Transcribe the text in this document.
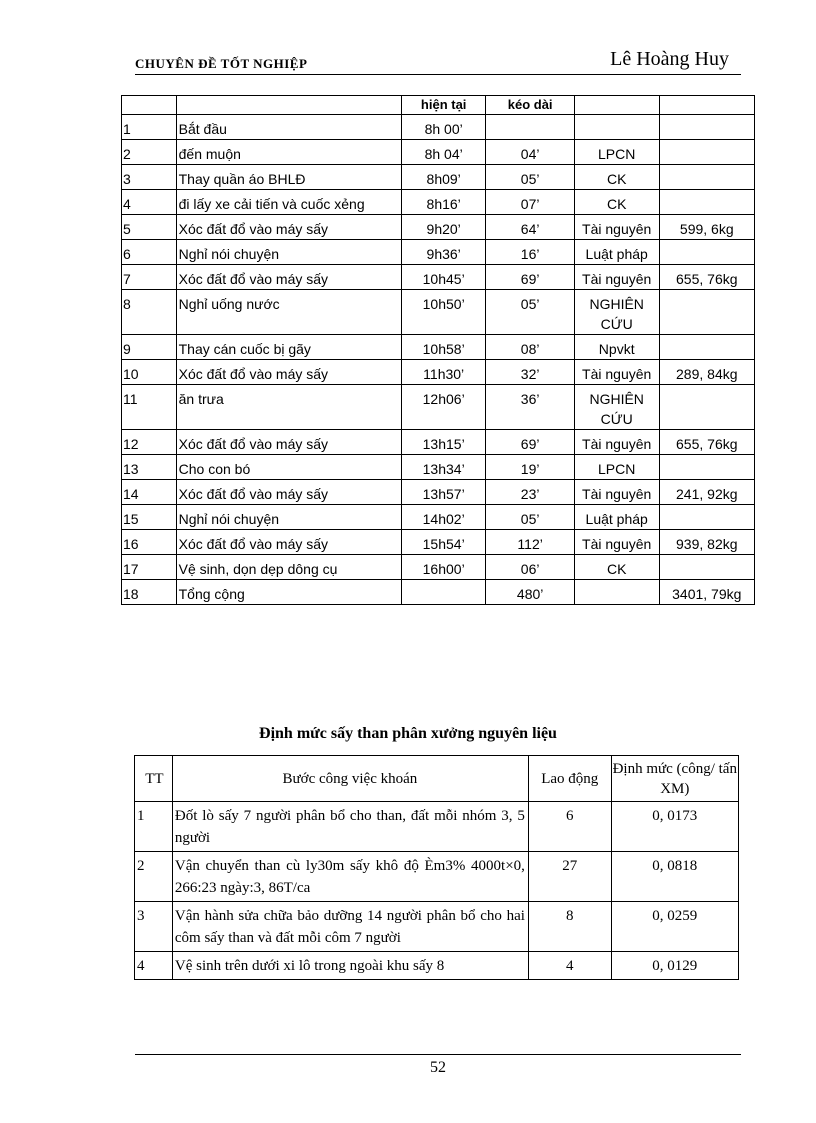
CHUYÊN ĐỀ TỐT NGHIỆP	Lê Hoàng Huy
		hiện tại	kéo dài		
1	Bắt đầu	8h 00’			
2	đến muộn	8h 04’	04’	LPCN	
3	Thay quần áo BHLĐ	8h09’	05’	CK	
4	đi lấy xe cải tiến và cuốc xẻng	8h16’	07’	CK	
5	Xóc đất đổ vào máy sấy	9h20’	64’	Tài nguyên	599, 6kg
6	Nghỉ nói chuyện	9h36’	16’	Luật pháp	
7	Xóc đất đổ vào máy sấy	10h45’	69’	Tài nguyên	655, 76kg
8	Nghỉ uống nước	10h50’	05’	NGHIÊN CỨU	
9	Thay cán cuốc bị gãy	10h58’	08’	Npvkt	
10	Xóc đất đổ vào máy sấy	11h30’	32’	Tài nguyên	289, 84kg
11	ăn trưa	12h06’	36’	NGHIÊN CỨU	
12	Xóc đất đổ vào máy sấy	13h15’	69’	Tài nguyên	655, 76kg
13	Cho con bó	13h34’	19’	LPCN	
14	Xóc đất đổ vào máy sấy	13h57’	23’	Tài nguyên	241, 92kg
15	Nghỉ nói chuyện	14h02’	05’	Luật pháp	
16	Xóc đất đổ vào máy sấy	15h54’	112’	Tài nguyên	939, 82kg
17	Vệ sinh, dọn dẹp dông cụ	16h00’	06’	CK	
18	Tổng cộng		480’		3401, 79kg
Định mức sấy than phân xưởng nguyên liệu
TT	Bước công việc khoán	Lao động	Định mức (công/ tấn XM)
1	Đốt lò sấy 7 người phân bổ cho than, đất mỗi nhóm 3, 5 người	6	0, 0173
2	Vận chuyển than cù ly30m sấy khô độ Èm3% 4000t×0, 266:23 ngày:3, 86T/ca	27	0, 0818
3	Vận hành sửa chữa bảo dưỡng 14 người phân bổ cho hai côm sấy than và đất mỗi côm 7 người	8	0, 0259
4	Vệ sinh trên dưới xi lô trong ngoài khu sấy 8	4	0, 0129
52
